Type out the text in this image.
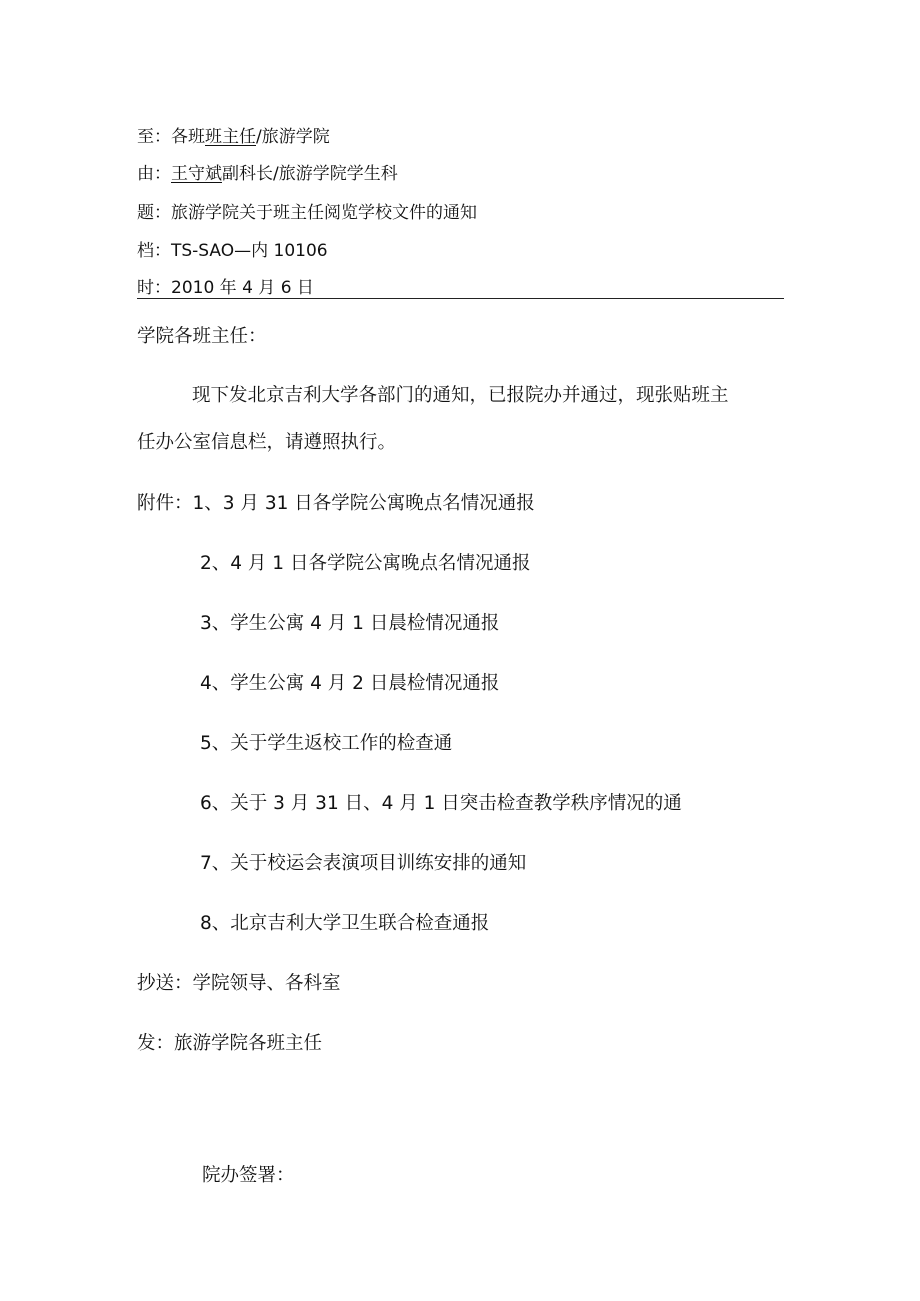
至：各班班主任/旅游学院
由：王守斌副科长/旅游学院学生科
题：旅游学院关于班主任阅览学校文件的通知
档：TS-SAO—内 10106
时：2010 年 4 月 6 日
学院各班主任：
现下发北京吉利大学各部门的通知，已报院办并通过，现张贴班主
任办公室信息栏，请遵照执行。
附件：1、3 月 31 日各学院公寓晚点名情况通报
2、4 月 1 日各学院公寓晚点名情况通报
3、学生公寓 4 月 1 日晨检情况通报
4、学生公寓 4 月 2 日晨检情况通报
5、关于学生返校工作的检查通
6、关于 3 月 31 日、4 月 1 日突击检查教学秩序情况的通
7、关于校运会表演项目训练安排的通知
8、北京吉利大学卫生联合检查通报
抄送：学院领导、各科室
发：旅游学院各班主任
院办签署：
